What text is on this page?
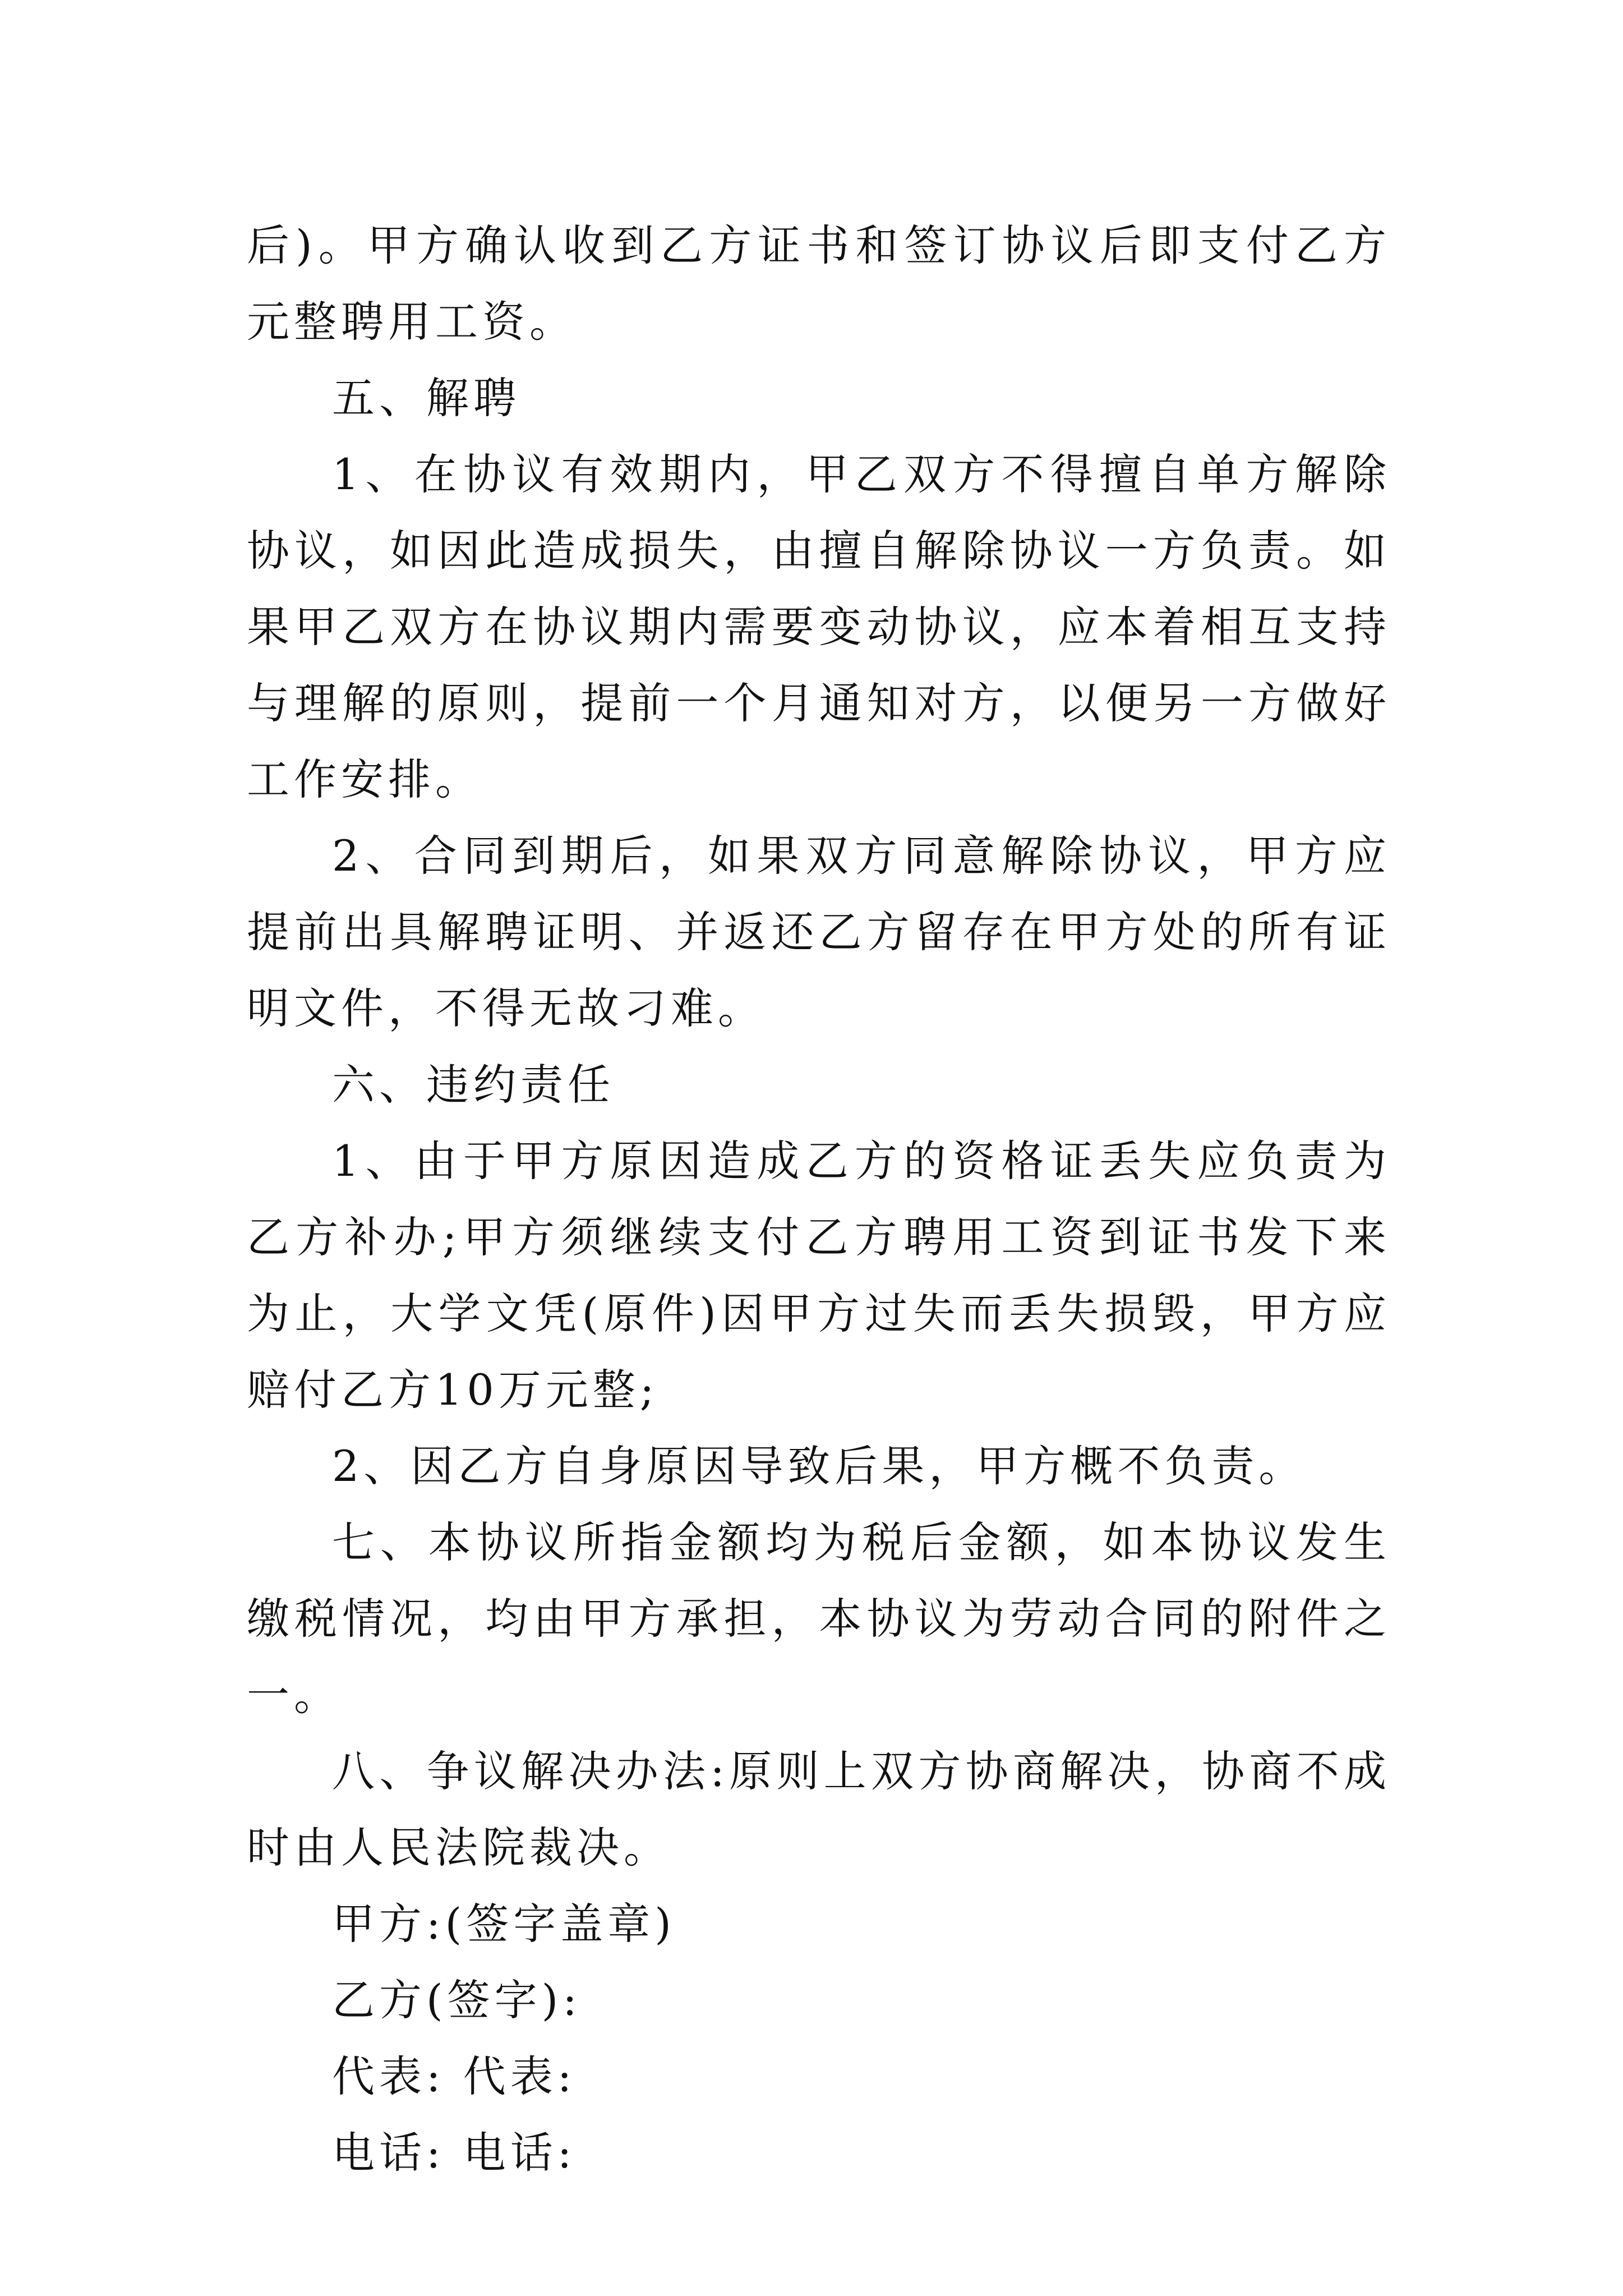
后)。甲方确认收到乙方证书和签订协议后即支付乙方元整聘用工资。

五、解聘

1、在协议有效期内，甲乙双方不得擅自单方解除协议，如因此造成损失，由擅自解除协议一方负责。如果甲乙双方在协议期内需要变动协议，应本着相互支持与理解的原则，提前一个月通知对方，以便另一方做好工作安排。

2、合同到期后，如果双方同意解除协议，甲方应提前出具解聘证明、并返还乙方留存在甲方处的所有证明文件，不得无故刁难。

六、违约责任

1、由于甲方原因造成乙方的资格证丢失应负责为乙方补办;甲方须继续支付乙方聘用工资到证书发下来为止，大学文凭(原件)因甲方过失而丢失损毁，甲方应赔付乙方10万元整;

2、因乙方自身原因导致后果，甲方概不负责。

七、本协议所指金额均为税后金额，如本协议发生缴税情况，均由甲方承担，本协议为劳动合同的附件之一。

八、争议解决办法:原则上双方协商解决，协商不成时由人民法院裁决。

甲方:(签字盖章)

乙方(签字):

代表: 代表:

电话: 电话:
